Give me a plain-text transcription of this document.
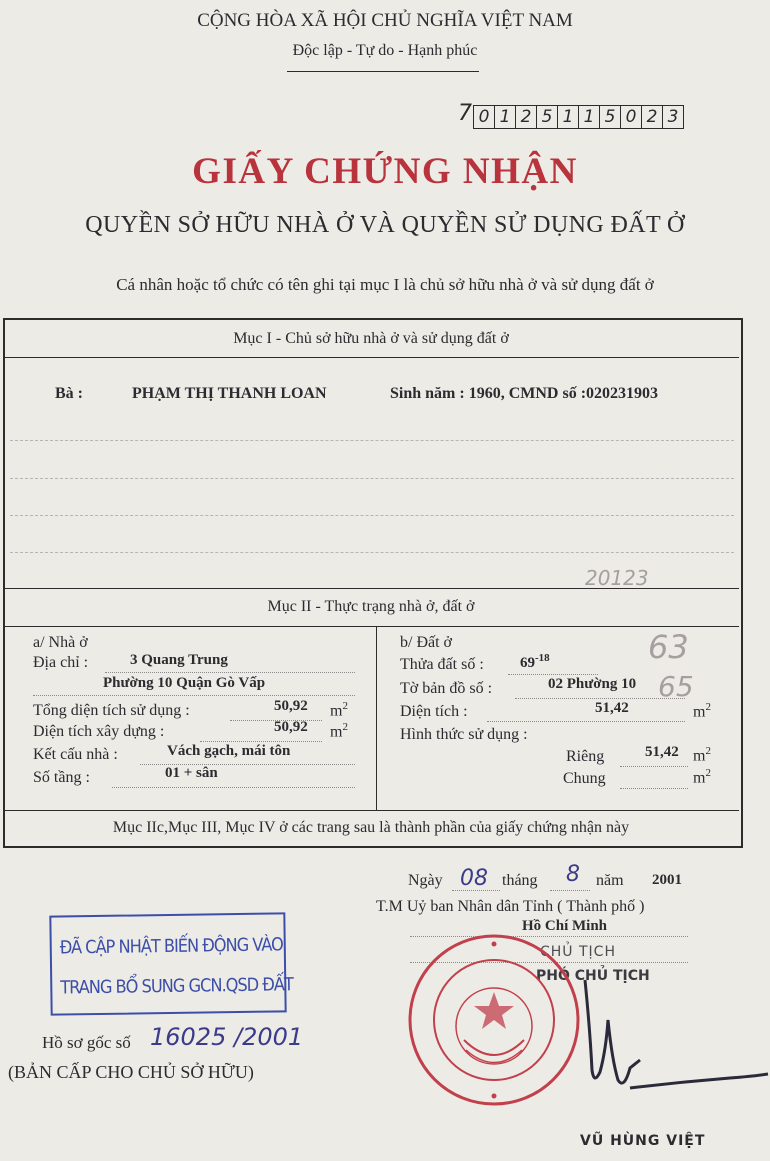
CỘNG HÒA XÃ HỘI CHỦ NGHĨA VIỆT NAM
Độc lập - Tự do - Hạnh phúc
7 0 1 2 5 1 1 5 0 2 3
GIẤY CHỨNG NHẬN
QUYỀN SỞ HỮU NHÀ Ở VÀ QUYỀN SỬ DỤNG ĐẤT Ở
Cá nhân hoặc tổ chức có tên ghi tại mục I là chủ sở hữu nhà ở và sử dụng đất ở
Mục I - Chủ sở hữu nhà ở và sử dụng đất ở
Bà :	PHẠM THỊ THANH LOAN	Sinh năm : 1960, CMND số :020231903
20123
Mục II - Thực trạng nhà ở, đất ở
a/ Nhà ở
Địa chỉ :	3 Quang Trung
Phường 10 Quận Gò Vấp
Tổng diện tích sử dụng :	50,92 $m^2$
Diện tích xây dựng :	50,92 $m^2$
Kết cấu nhà :	Vách gạch, mái tôn
Số tầng :	01 + sân
b/ Đất ở
Thửa đất số : $69^{-18}$	63
Tờ bản đồ số :	02 Phường 10 65
Diện tích :	51,42	$m^2$
Hình thức sử dụng :
Riêng	51,42 $m^2$
Chung	$m^2$
Mục IIc,Mục III, Mục IV ở các trang sau là thành phần của giấy chứng nhận này
Ngày 08 tháng 8 năm 2001
T.M Uỷ ban Nhân dân Tỉnh ( Thành phố )
Hồ Chí Minh
CHỦ TỊCH
PHÓ CHỦ TỊCH
VŨ HÙNG VIỆT
ĐÃ CẬP NHẬT BIẾN ĐỘNG VÀO
TRANG BỔ SUNG GCN.QSD ĐẤT
Hồ sơ gốc số 16025 /2001
(BẢN CẤP CHO CHỦ SỞ HỮU)
